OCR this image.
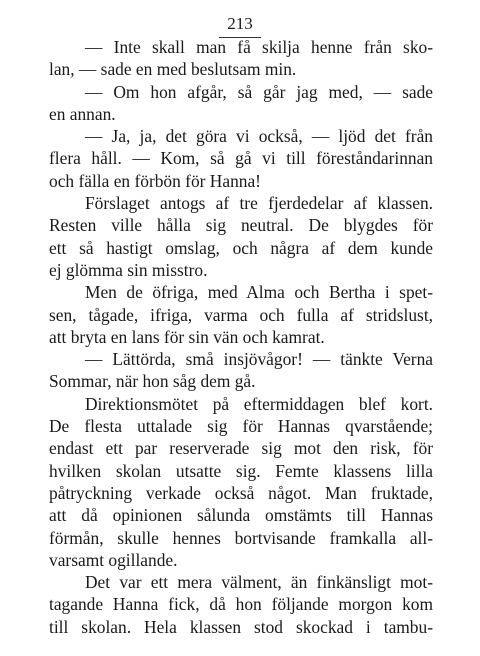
213
— Inte skall man få skilja henne från sko-
lan, — sade en med beslutsam min.
— Om hon afgår, så går jag med, — sade
en annan.
— Ja, ja, det göra vi också, — ljöd det från
flera håll. — Kom, så gå vi till föreståndarinnan
och fälla en förbön för Hanna!
Förslaget antogs af tre fjerdedelar af klassen.
Resten ville hålla sig neutral. De blygdes för
ett så hastigt omslag, och några af dem kunde
ej glömma sin misstro.
Men de öfriga, med Alma och Bertha i spet-
sen, tågade, ifriga, varma och fulla af stridslust,
att bryta en lans för sin vän och kamrat.
— Lättörda, små insjövågor! — tänkte Verna
Sommar, när hon såg dem gå.
Direktionsmötet på eftermiddagen blef kort.
De flesta uttalade sig för Hannas qvarstående;
endast ett par reserverade sig mot den risk, för
hvilken skolan utsatte sig. Femte klassens lilla
påtryckning verkade också något. Man fruktade,
att då opinionen sålunda omstämts till Hannas
förmån, skulle hennes bortvisande framkalla all-
varsamt ogillande.
Det var ett mera välment, än finkänsligt mot-
tagande Hanna fick, då hon följande morgon kom
till skolan. Hela klassen stod skockad i tambu-
